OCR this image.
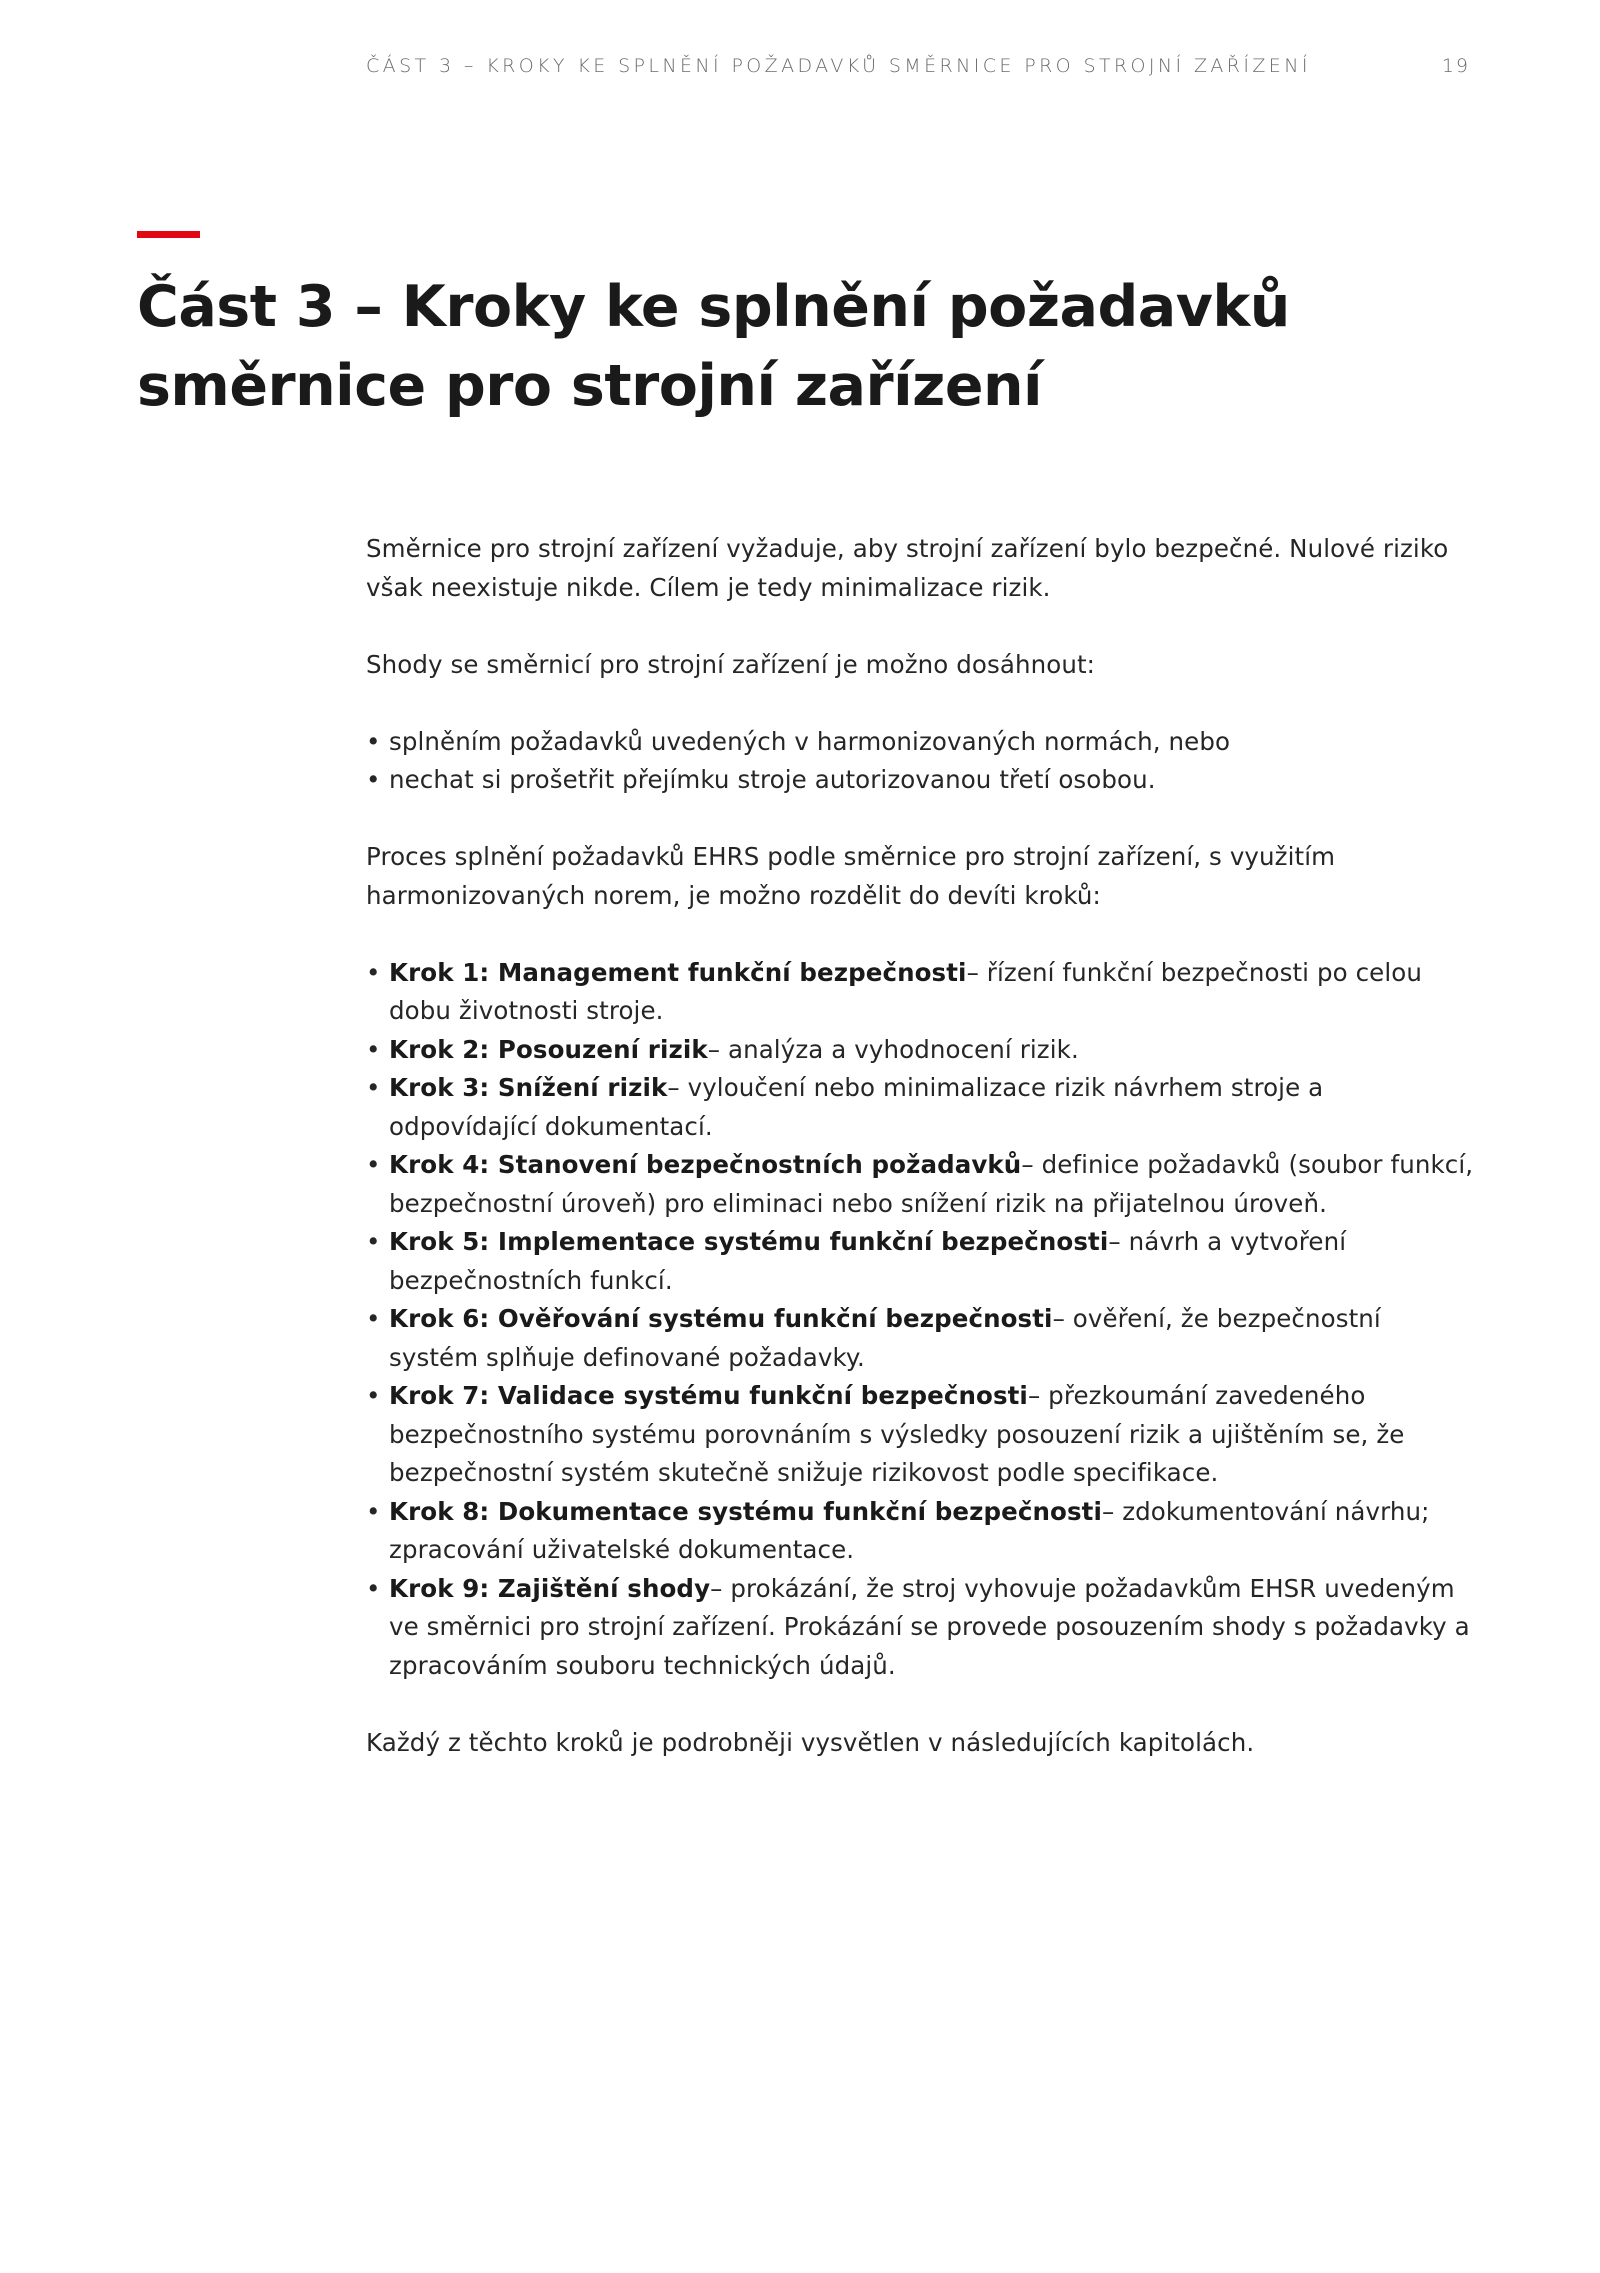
ČÁST 3 – KROKY KE SPLNĚNÍ POŽADAVKŮ SMĚRNICE PRO STROJNÍ ZAŘÍZENÍ	19
Část 3 – Kroky ke splnění požadavků
směrnice pro strojní zařízení

Směrnice pro strojní zařízení vyžaduje, aby strojní zařízení bylo bezpečné. Nulové riziko však neexistuje nikde. Cílem je tedy minimalizace rizik.

Shody se směrnicí pro strojní zařízení je možno dosáhnout:

• splněním požadavků uvedených v harmonizovaných normách, nebo
• nechat si prošetřit přejímku stroje autorizovanou třetí osobou.

Proces splnění požadavků EHRS podle směrnice pro strojní zařízení, s využitím harmonizovaných norem, je možno rozdělit do devíti kroků:

• Krok 1: Management funkční bezpečnosti– řízení funkční bezpečnosti po celou dobu životnosti stroje.
• Krok 2: Posouzení rizik– analýza a vyhodnocení rizik.
• Krok 3: Snížení rizik– vyloučení nebo minimalizace rizik návrhem stroje a odpovídající dokumentací.
• Krok 4: Stanovení bezpečnostních požadavků– definice požadavků (soubor funkcí, bezpečnostní úroveň) pro eliminaci nebo snížení rizik na přijatelnou úroveň.
• Krok 5: Implementace systému funkční bezpečnosti– návrh a vytvoření bezpečnostních funkcí.
• Krok 6: Ověřování systému funkční bezpečnosti– ověření, že bezpečnostní systém splňuje definované požadavky.
• Krok 7: Validace systému funkční bezpečnosti– přezkoumání zavedeného bezpečnostního systému porovnáním s výsledky posouzení rizik a ujištěním se, že bezpečnostní systém skutečně snižuje rizikovost podle specifikace.
• Krok 8: Dokumentace systému funkční bezpečnosti– zdokumentování návrhu; zpracování uživatelské dokumentace.
• Krok 9: Zajištění shody– prokázání, že stroj vyhovuje požadavkům EHSR uvedeným ve směrnici pro strojní zařízení. Prokázání se provede posouzením shody s požadavky a zpracováním souboru technických údajů.

Každý z těchto kroků je podrobněji vysvětlen v následujících kapitolách.
